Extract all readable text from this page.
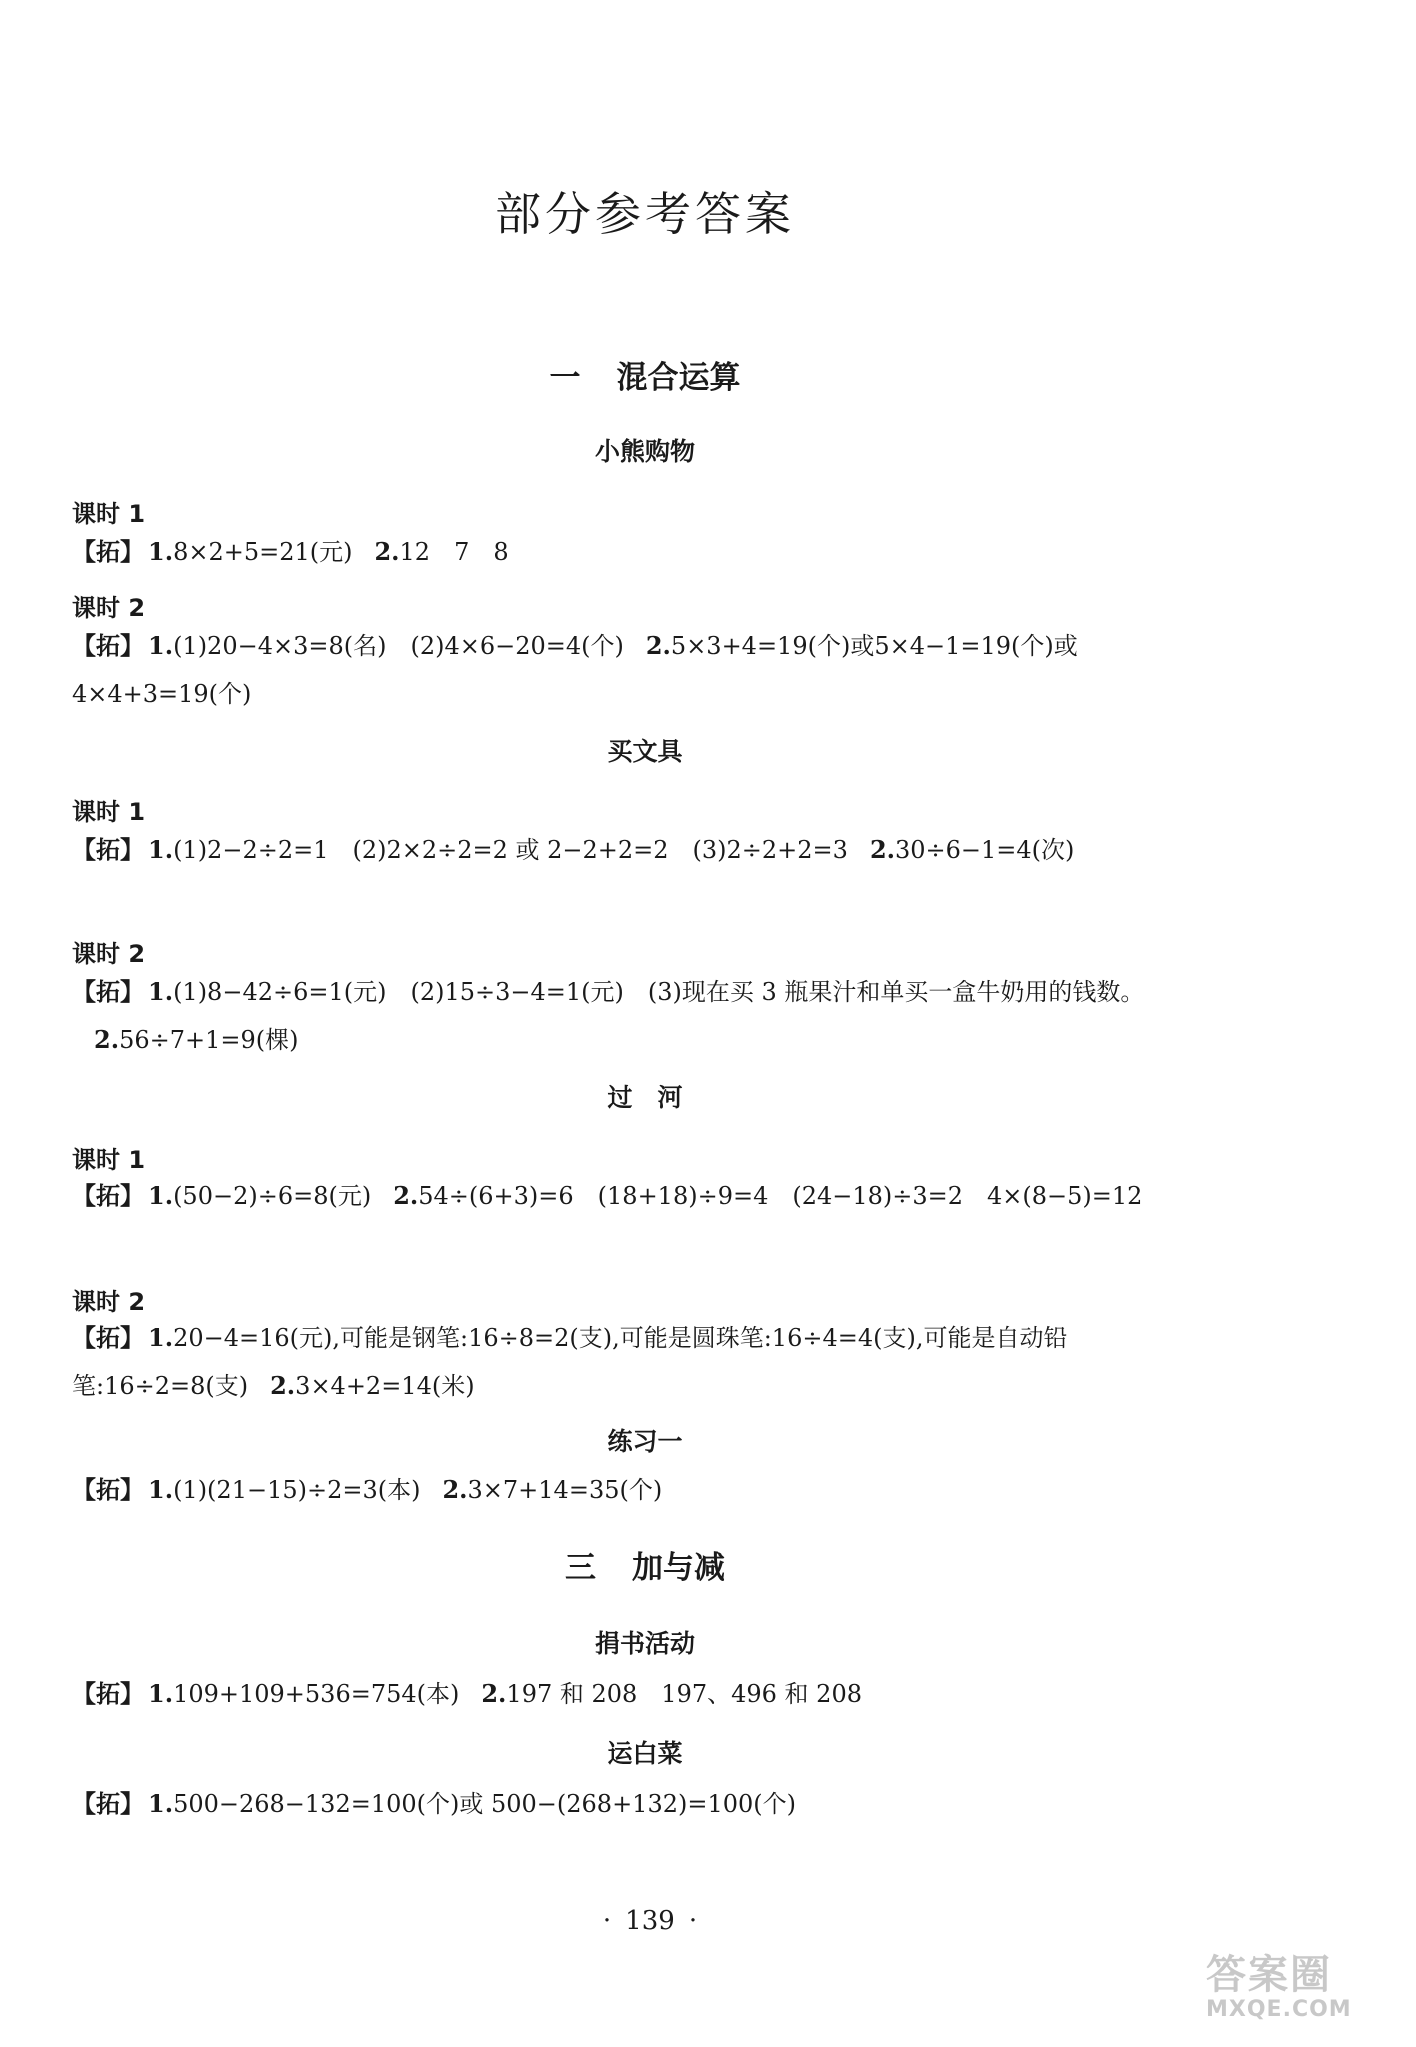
部分参考答案
一 混合运算
小熊购物
课时 1

【拓】 1.8×2+5=21(元) 2.12　7　8

课时 2

【拓】 1.(1)20−4×3=8(名)　(2)4×6−20=4(个) 2.5×3+4=19(个)或5×4−1=19(个)或 4×4+3=19(个)

买文具
课时 1

【拓】 1.(1)2−2÷2=1　(2)2×2÷2=2 或 2−2+2=2　(3)2÷2+2=3 2.30÷6−1=4(次)

课时 2

【拓】 1.(1)8−42÷6=1(元)　(2)15÷3−4=1(元)　(3)现在买 3 瓶果汁和单买一盒牛奶用的钱数。2.56÷7+1=9(棵)

过　河
课时 1

【拓】 1.(50−2)÷6=8(元) 2.54÷(6+3)=6　(18+18)÷9=4　(24−18)÷3=2　4×(8−5)=12

课时 2

【拓】 1.20−4=16(元),可能是钢笔:16÷8=2(支),可能是圆珠笔:16÷4=4(支),可能是自动铅笔:16÷2=8(支) 2.3×4+2=14(米)

练习一

【拓】 1.(1)(21−15)÷2=3(本) 2.3×7+14=35(个)

三 加与减
捐书活动

【拓】 1.109+109+536=754(本) 2.197 和 208　197、496 和 208

运白菜

【拓】 1.500−268−132=100(个)或 500−(268+132)=100(个)

· 139 ·
答案圈
MXQE.COM
